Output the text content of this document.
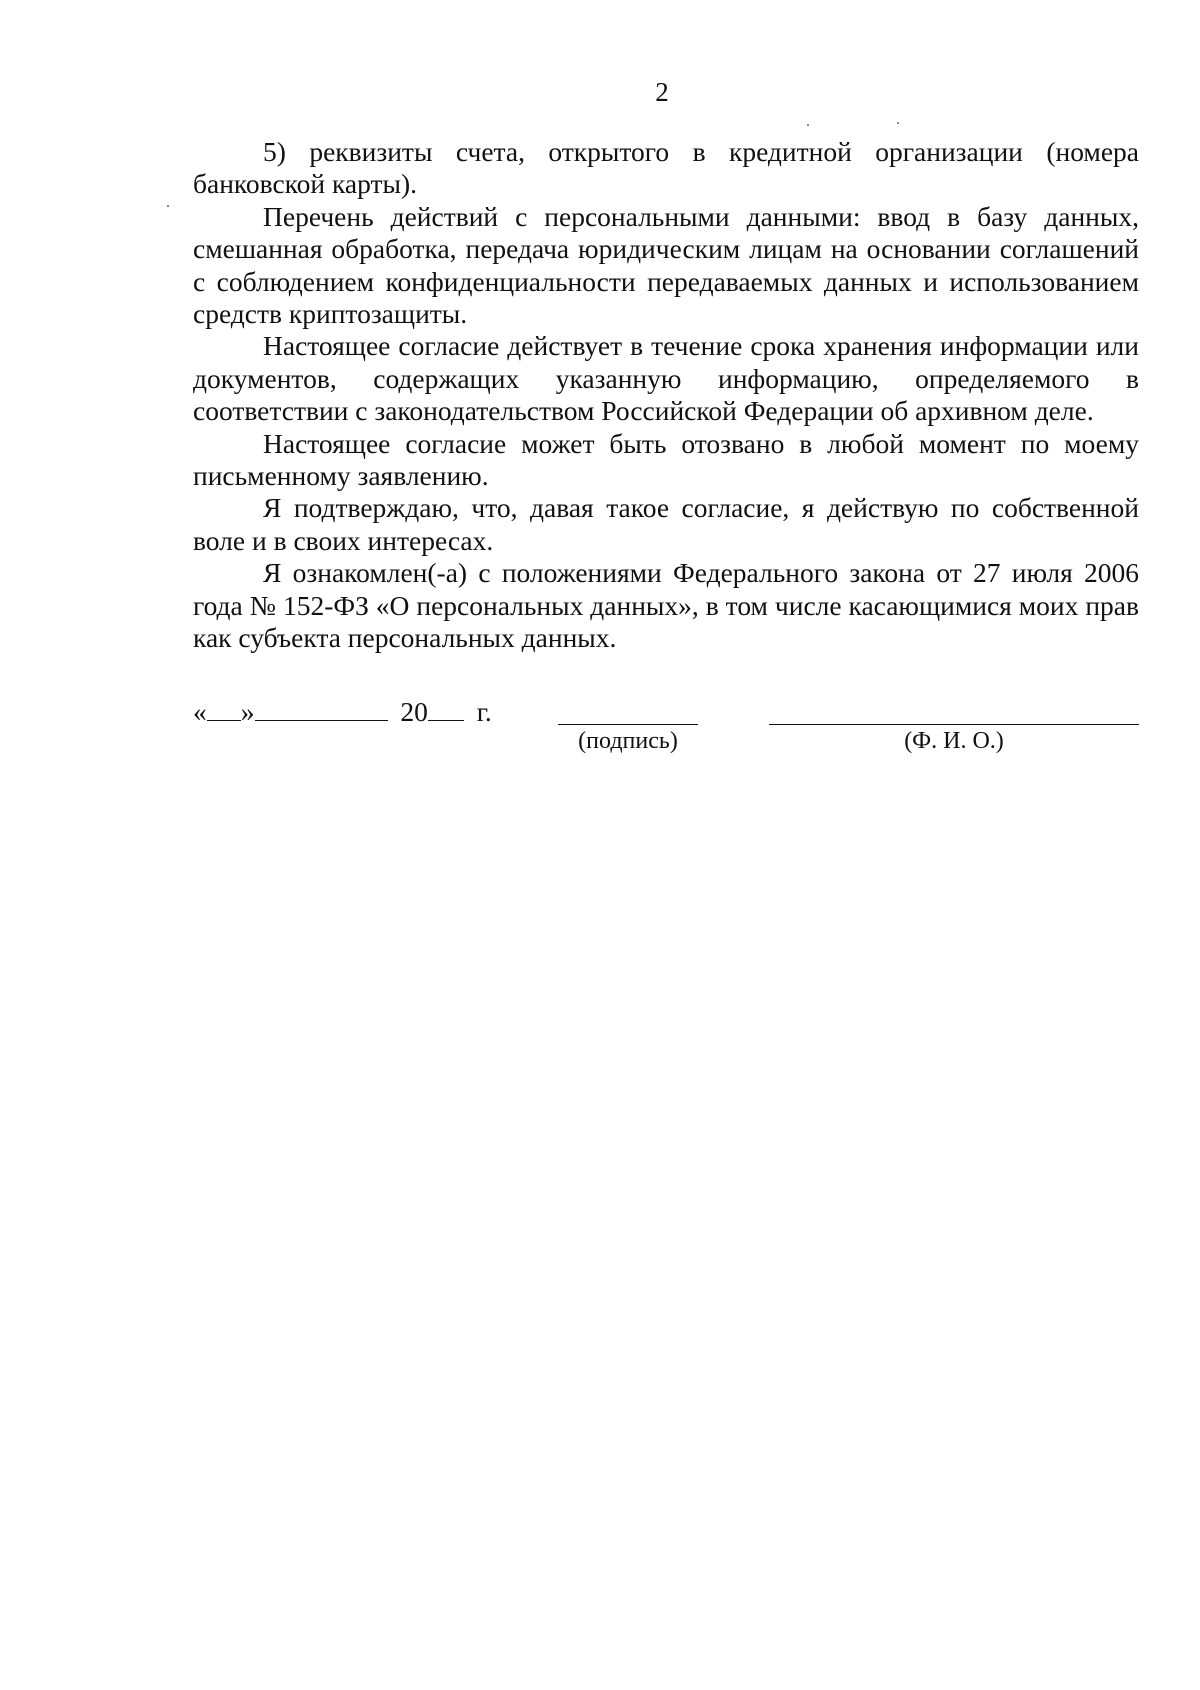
2

5) реквизиты счета, открытого в кредитной организации (номера банковской карты).

Перечень действий с персональными данными: ввод в базу данных, смешанная обработка, передача юридическим лицам на основании соглашений с соблюдением конфиденциальности передаваемых данных и использованием средств криптозащиты.

Настоящее согласие действует в течение срока хранения информации или документов, содержащих указанную информацию, определяемого в соответствии с законодательством Российской Федерации об архивном деле.

Настоящее согласие может быть отозвано в любой момент по моему письменному заявлению.

Я подтверждаю, что, давая такое согласие, я действую по собственной воле и в своих интересах.

Я ознакомлен(-а) с положениями Федерального закона от 27 июля 2006 года № 152-ФЗ «О персональных данных», в том числе касающимися моих прав как субъекта персональных данных.

« »	20 г.
(подпись)	(Ф. И. О.)
